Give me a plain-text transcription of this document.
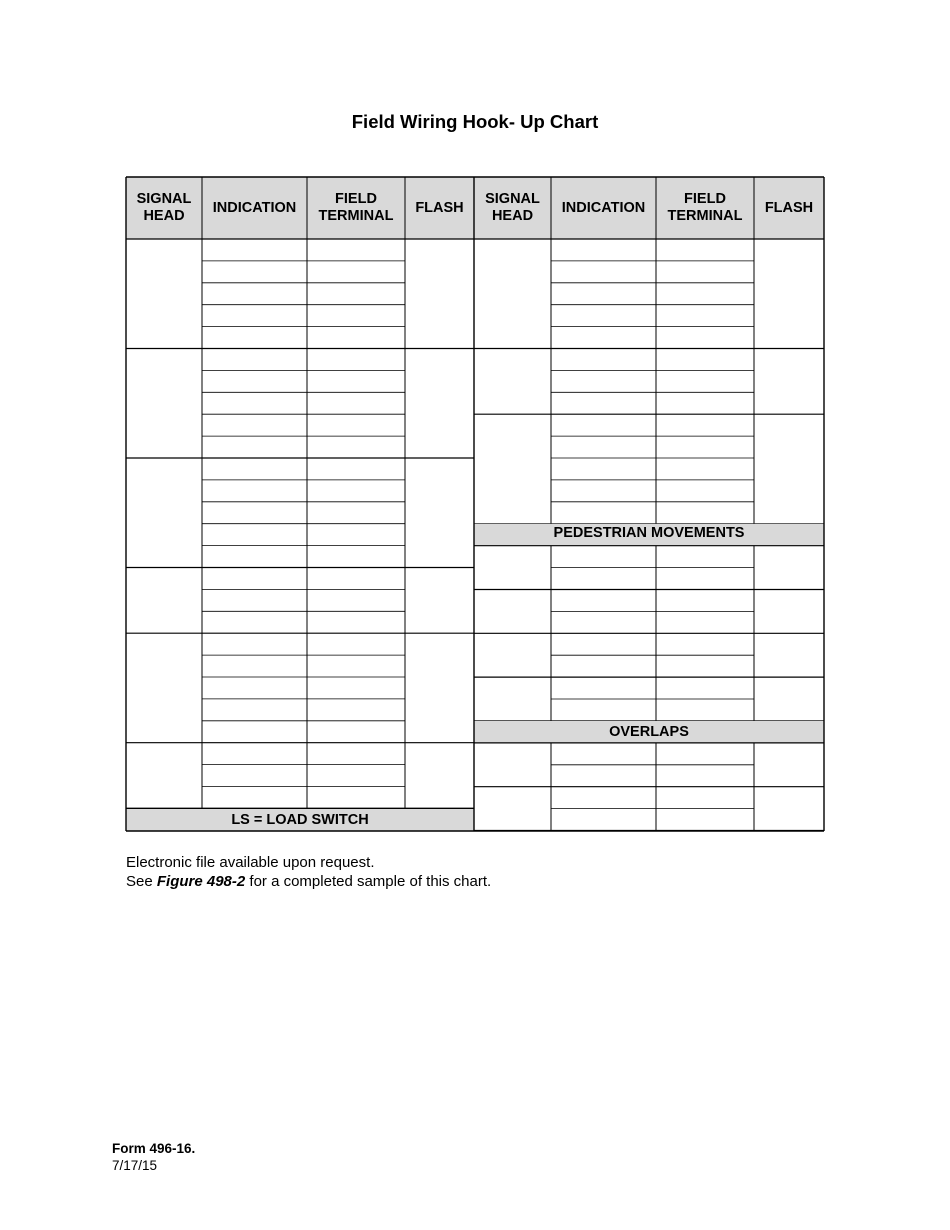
Field Wiring Hook- Up Chart
SIGNAL
HEAD
INDICATION
FIELD
TERMINAL
FLASH
SIGNAL
HEAD
INDICATION
FIELD
TERMINAL
FLASH
PEDESTRIAN MOVEMENTS
OVERLAPS
LS = LOAD SWITCH
Electronic file available upon request.
See Figure 498-2 for a completed sample of this chart.
Form 496-16.
7/17/15
